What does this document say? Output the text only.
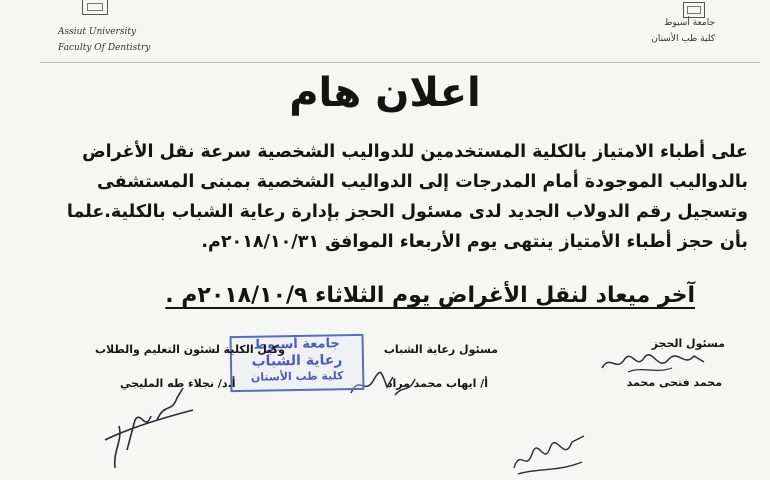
Assiut University
Faculty Of Dentistry
جامعة أسيوط
كلية طب الأسنان
اعلان هام
على أطباء الامتياز بالكلية المستخدمين للدواليب الشخصية سرعة نقل الأغراض
بالدواليب الموجودة أمام المدرجات إلى الدواليب الشخصية بمبنى المستشفى
وتسجيل رقم الدولاب الجديد لدى مسئول الحجز بإدارة رعاية الشباب بالكلية.علما
بأن حجز أطباء الأمتياز ينتهى يوم الأربعاء الموافق ٢٠١٨/١٠/٣١م.
آخر ميعاد لنقل الأغراض يوم الثلاثاء ٢٠١٨/١٠/٩م .
مسئول الحجز
محمد فتحى محمد
مسئول رعاية الشباب
أ/ ايهاب محمد مراد
جامعة أسيوط
رعاية الشباب
كلية طب الأسنان
وكيل الكلية لشئون التعليم والطلاب
أ.د/ نجلاء طه المليجي
